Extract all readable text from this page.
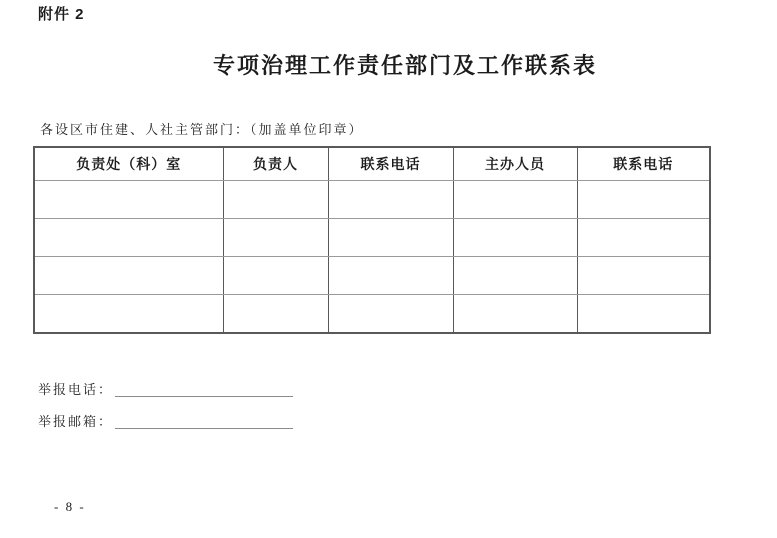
附件 2
专项治理工作责任部门及工作联系表
各设区市住建、人社主管部门：（加盖单位印章）
负责处（科）室	负责人	联系电话	主办人员	联系电话

举报电话：
举报邮箱：
- 8 -
